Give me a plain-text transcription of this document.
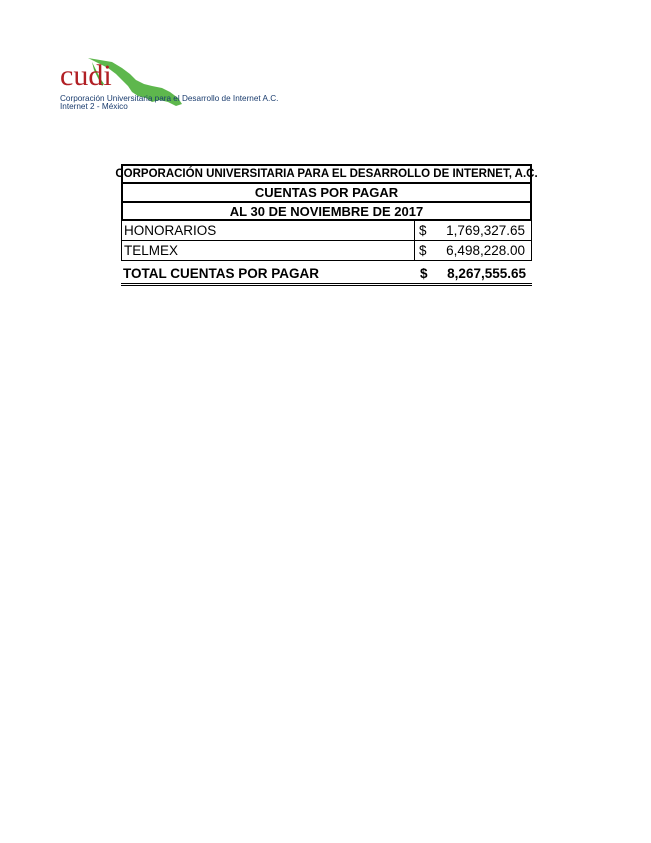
cudi
Corporación Universitaria para el Desarrollo de Internet A.C.
Internet 2 - México
CORPORACIÓN UNIVERSITARIA PARA EL DESARROLLO DE INTERNET, A.C.
CUENTAS POR PAGAR
AL 30 DE NOVIEMBRE DE 2017
HONORARIOS	$	1,769,327.65
TELMEX	$	6,498,228.00
TOTAL CUENTAS POR PAGAR	$	8,267,555.65
